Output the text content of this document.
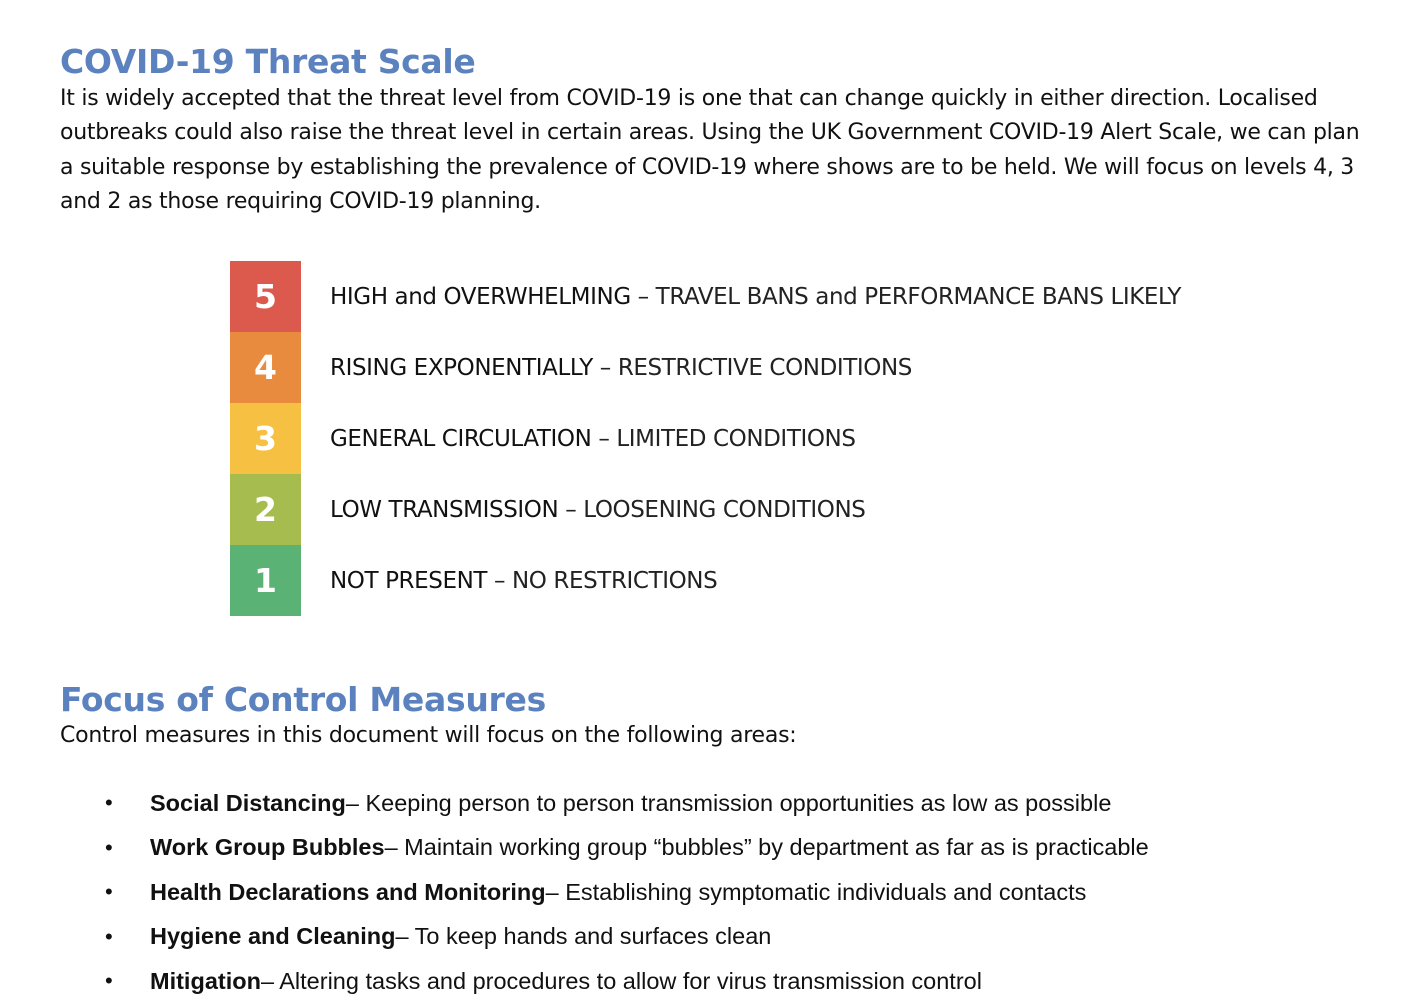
COVID-19 Threat Scale

It is widely accepted that the threat level from COVID-19 is one that can change quickly in either direction. Localised outbreaks could also raise the threat level in certain areas. Using the UK Government COVID-19 Alert Scale, we can plan a suitable response by establishing the prevalence of COVID-19 where shows are to be held. We will focus on levels 4, 3 and 2 as those requiring COVID-19 planning.

5	HIGH and OVERWHELMING – TRAVEL BANS and PERFORMANCE BANS LIKELY
4	RISING EXPONENTIALLY – RESTRICTIVE CONDITIONS
3	GENERAL CIRCULATION – LIMITED CONDITIONS
2	LOW TRANSMISSION – LOOSENING CONDITIONS
1	NOT PRESENT – NO RESTRICTIONS
Focus of Control Measures

Control measures in this document will focus on the following areas:

•	Social Distancing – Keeping person to person transmission opportunities as low as possible
•	Work Group Bubbles – Maintain working group “bubbles” by department as far as is practicable
•	Health Declarations and Monitoring – Establishing symptomatic individuals and contacts
•	Hygiene and Cleaning – To keep hands and surfaces clean
•	Mitigation – Altering tasks and procedures to allow for virus transmission control
